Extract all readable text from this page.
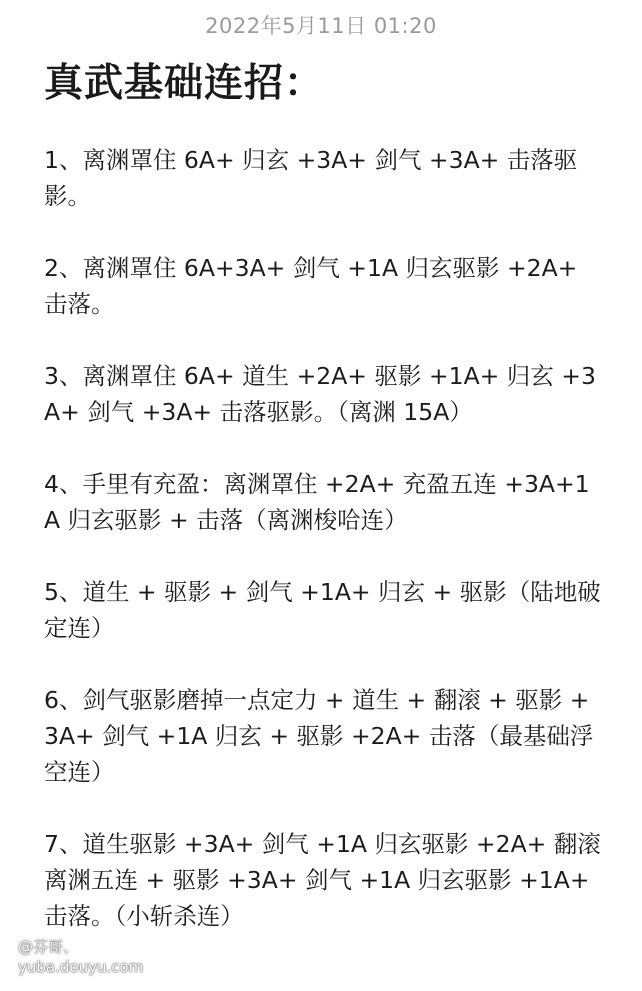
2022年5月11日 01:20
真武基础连招：
1、离渊罩住 6A+ 归玄 +3A+ 剑气 +3A+ 击落驱影。
2、离渊罩住 6A+3A+ 剑气 +1A 归玄驱影 +2A+ 击落。
3、离渊罩住 6A+ 道生 +2A+ 驱影 +1A+ 归玄 +3A+ 剑气 +3A+ 击落驱影。（离渊 15A）
4、手里有充盈：离渊罩住 +2A+ 充盈五连 +3A+1A 归玄驱影 + 击落（离渊梭哈连）
5、道生 + 驱影 + 剑气 +1A+ 归玄 + 驱影（陆地破定连）
6、剑气驱影磨掉一点定力 + 道生 + 翻滚 + 驱影 +3A+ 剑气 +1A 归玄 + 驱影 +2A+ 击落（最基础浮空连）
7、道生驱影 +3A+ 剑气 +1A 归玄驱影 +2A+ 翻滚离渊五连 + 驱影 +3A+ 剑气 +1A 归玄驱影 +1A+ 击落。（小斩杀连）
@芬哥、
yuba.douyu.com
